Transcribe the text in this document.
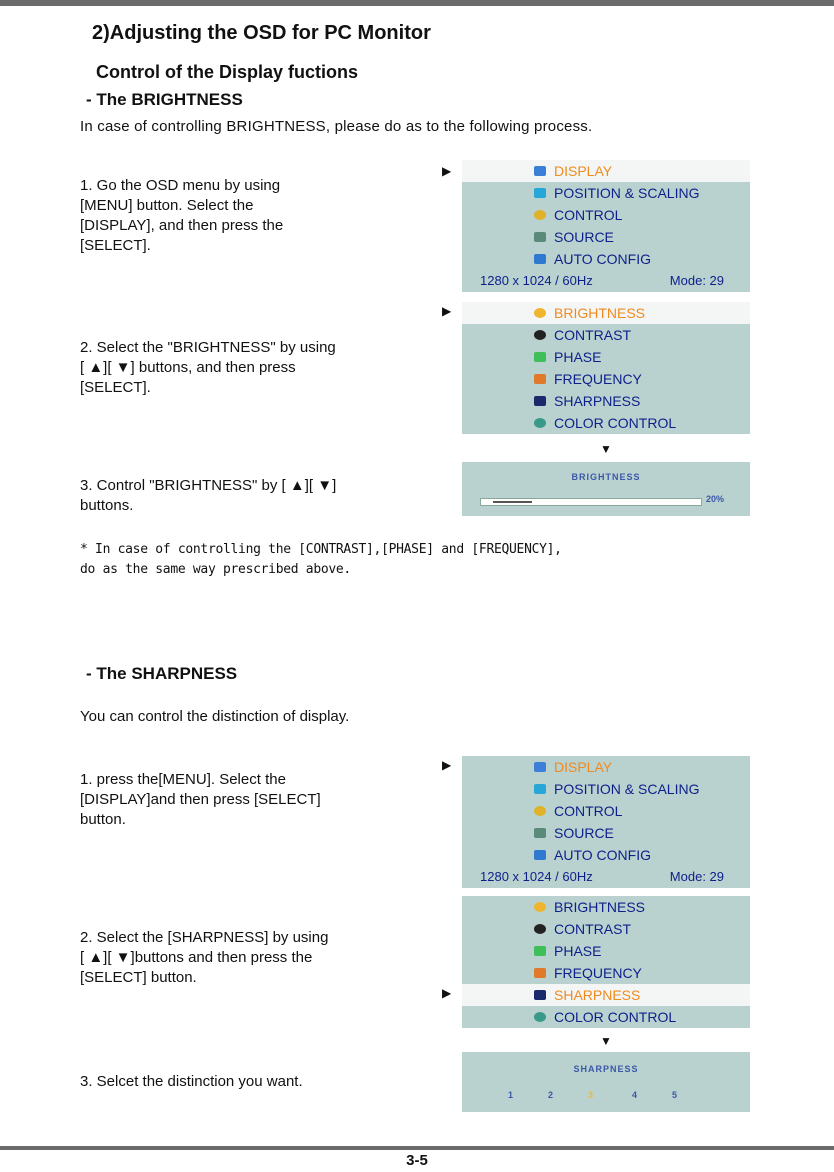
2)Adjusting the OSD for PC Monitor
Control of the Display fuctions
- The BRIGHTNESS
In case of controlling BRIGHTNESS, please do as to the following process.
1. Go the OSD menu by using
[MENU] button. Select the
[DISPLAY], and then press the
[SELECT].
▶	DISPLAY
POSITION & SCALING
CONTROL
SOURCE
AUTO CONFIG
1280 x 1024 / 60Hz	Mode: 29
2. Select the "BRIGHTNESS" by using
[ ▲][ ▼] buttons, and then press
[SELECT].
▶	BRIGHTNESS
CONTRAST
PHASE
FREQUENCY
SHARPNESS
COLOR CONTROL
▼
3. Control "BRIGHTNESS" by [ ▲][ ▼]
buttons.
BRIGHTNESS
20%
* In case of controlling the [CONTRAST],[PHASE] and [FREQUENCY],
do as the same way prescribed above.
- The SHARPNESS
You can control the distinction of display.
1. press the[MENU]. Select the
[DISPLAY]and then press [SELECT]
button.
▶	DISPLAY
POSITION & SCALING
CONTROL
SOURCE
AUTO CONFIG
1280 x 1024 / 60Hz	Mode: 29
2. Select the [SHARPNESS] by using
[ ▲][ ▼]buttons and then press the
[SELECT] button.
▶
BRIGHTNESS
CONTRAST
PHASE
FREQUENCY
SHARPNESS
COLOR CONTROL
▼
3. Selcet the distinction you want.
SHARPNESS
1	2	3	4	5
3-5
